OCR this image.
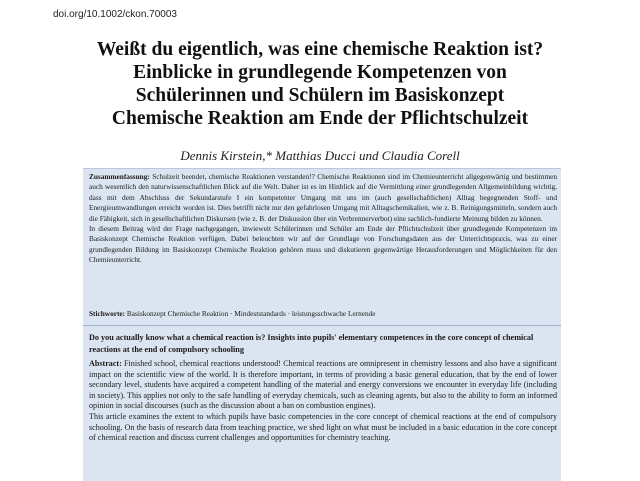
doi.org/10.1002/ckon.70003
Weißt du eigentlich, was eine chemische Reaktion ist?
Einblicke in grundlegende Kompetenzen von
Schülerinnen und Schülern im Basiskonzept
Chemische Reaktion am Ende der Pflichtschulzeit
Dennis Kirstein,* Matthias Ducci und Claudia Corell

Zusammenfassung: Schulzeit beendet, chemische Reaktionen verstanden!? Chemische Reaktionen sind im Chemieunterricht allgegenwärtig und bestimmen auch wesentlich den naturwissenschaftlichen Blick auf die Welt. Daher ist es im Hinblick auf die Vermittlung einer grundlegenden Allgemeinbildung wichtig, dass mit dem Abschluss der Sekundarstufe I ein kompetenter Umgang mit uns im (auch gesellschaftlichen) Alltag begegnenden Stoff- und Energieumwandlungen erreicht worden ist. Dies betrifft nicht nur den gefahrlosen Umgang mit Alltagschemikalien, wie z. B. Reinigungsmitteln, sondern auch die Fähigkeit, sich in gesellschaftlichen Diskursen (wie z. B. der Diskussion über ein Verbrennerverbot) eine sachlich-fundierte Meinung bilden zu können.

In diesem Beitrag wird der Frage nachgegangen, inwieweit Schülerinnen und Schüler am Ende der Pflichtschulzeit über grundlegende Kompetenzen im Basiskonzept Chemische Reaktion verfügen. Dabei beleuchten wir auf der Grundlage von Forschungsdaten aus der Unterrichtspraxis, was zu einer grundlegenden Bildung im Basiskonzept Chemische Reaktion gehören muss und diskutieren gegenwärtige Herausforderungen und Möglichkeiten für den Chemieunterricht.

Stichworte: Basiskonzept Chemische Reaktion · Mindeststandards · leistungsschwache Lernende
Do you actually know what a chemical reaction is? Insights into pupils' elementary competences in the core concept of chemical reactions at the end of compulsory schooling

Abstract: Finished school, chemical reactions understood! Chemical reactions are omnipresent in chemistry lessons and also have a significant impact on the scientific view of the world. It is therefore important, in terms of providing a basic general education, that by the end of lower secondary level, students have acquired a competent handling of the material and energy conversions we encounter in everyday life (including in society). This applies not only to the safe handling of everyday chemicals, such as cleaning agents, but also to the ability to form an informed opinion in social discourses (such as the discussion about a ban on combustion engines).

This article examines the extent to which pupils have basic competencies in the core concept of chemical reactions at the end of compulsory schooling. On the basis of research data from teaching practice, we shed light on what must be included in a basic education in the core concept of chemical reaction and discuss current challenges and opportunities for chemistry teaching.
